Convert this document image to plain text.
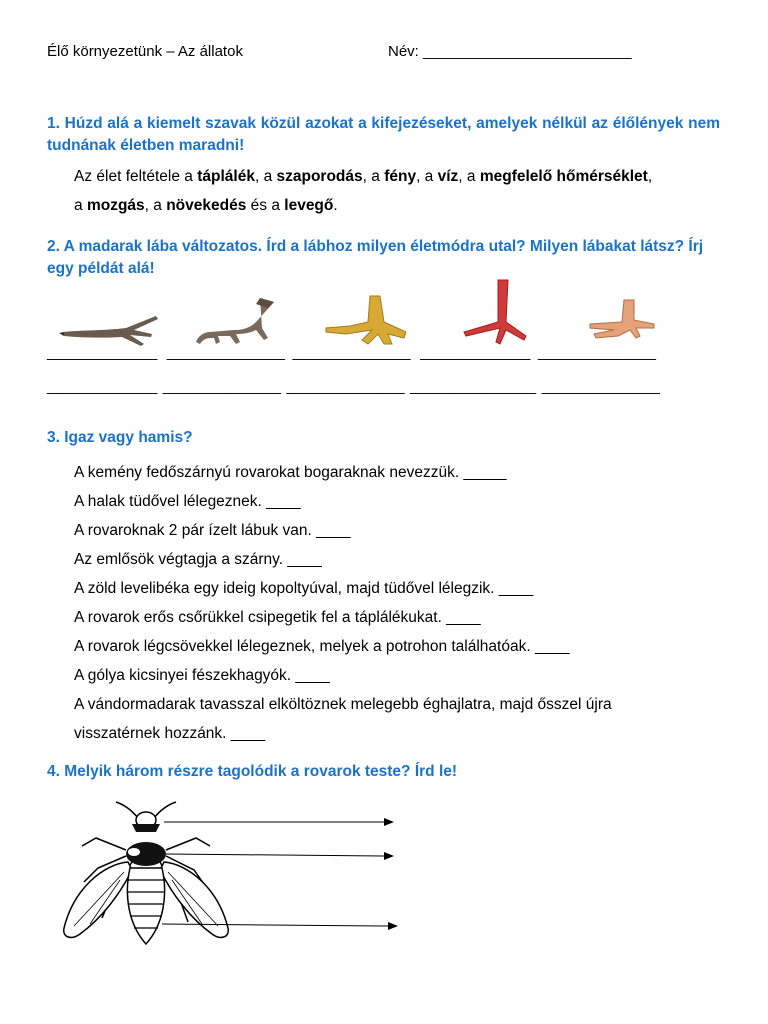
Élő környezetünk – Az állatok	Név: _________________________
1. Húzd alá a kiemelt szavak közül azokat a kifejezéseket, amelyek nélkül az élőlények nem tudnának életben maradni!
Az élet feltétele a táplálék, a szaporodás, a fény, a víz, a megfelelő hőmérséklet,
a mozgás, a növekedés és a levegő.
2. A madarak lába változatos. Írd a lábhoz milyen életmódra utal? Milyen lábakat látsz? Írj egy példát alá!
______________ _______________ _______________ ______________ _______________
______________ _______________ _______________ ________________ _______________
3. Igaz vagy hamis?
A kemény fedőszárnyú rovarokat bogaraknak nevezzük. _____
A halak tüdővel lélegeznek. ____
A rovaroknak 2 pár ízelt lábuk van. ____
Az emlősök végtagja a szárny. ____
A zöld levelibéka egy ideig kopoltyúval, majd tüdővel lélegzik. ____
A rovarok erős csőrükkel csipegetik fel a táplálékukat. ____
A rovarok légcsövekkel lélegeznek, melyek a potrohon találhatóak. ____
A gólya kicsinyei fészekhagyók. ____
A vándormadarak tavasszal elköltöznek melegebb éghajlatra, majd ősszel újra
visszatérnek hozzánk. ____
4. Melyik három részre tagolódik a rovarok teste? Írd le!
